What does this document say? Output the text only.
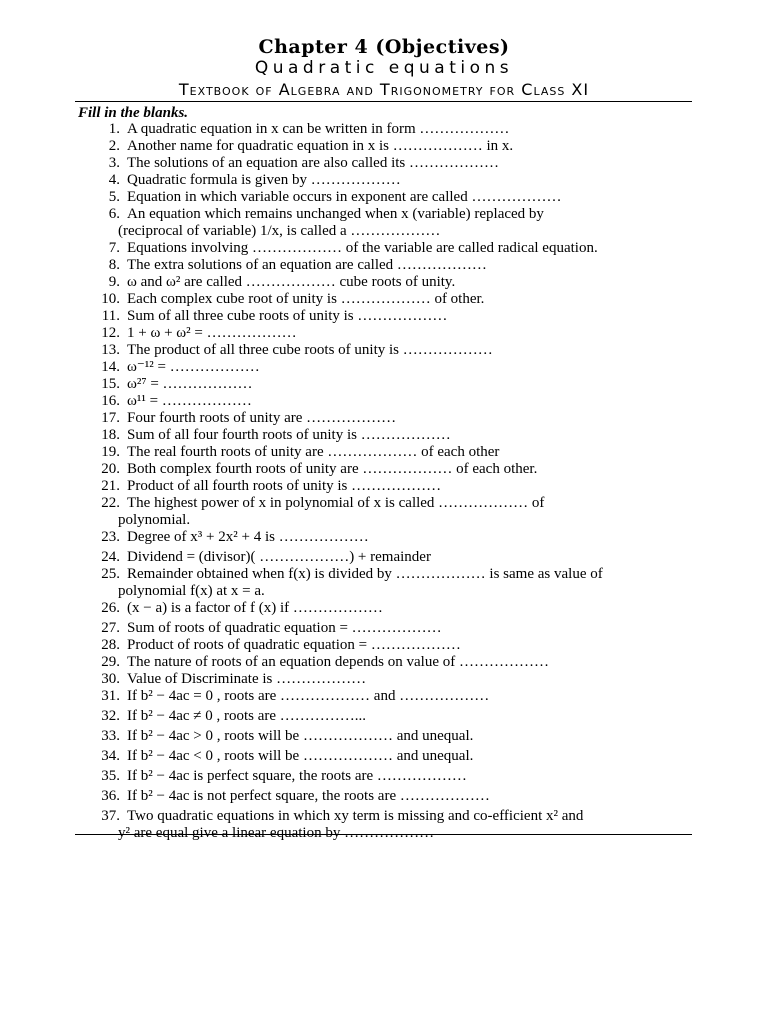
Chapter 4 (Objectives)
Quadratic equations
Textbook of Algebra and Trigonometry for Class XI
Fill in the blanks.
1. A quadratic equation in x can be written in form ………………
2. Another name for quadratic equation in x is ……………… in x.
3. The solutions of an equation are also called its ………………
4. Quadratic formula is given by ………………
5. Equation in which variable occurs in exponent are called ………………
6. An equation which remains unchanged when x (variable) replaced by
(reciprocal of variable) 1/x, is called a ………………
7. Equations involving ……………… of the variable are called radical equation.
8. The extra solutions of an equation are called ………………
9. ω and ω² are called ……………… cube roots of unity.
10. Each complex cube root of unity is ……………… of other.
11. Sum of all three cube roots of unity is ………………
12. 1 + ω + ω² = ………………
13. The product of all three cube roots of unity is ………………
14. ω⁻¹² = ………………
15. ω²⁷ = ………………
16. ω¹¹ = ………………
17. Four fourth roots of unity are ………………
18. Sum of all four fourth roots of unity is ………………
19. The real fourth roots of unity are ……………… of each other
20. Both complex fourth roots of unity are ……………… of each other.
21. Product of all fourth roots of unity is ………………
22. The highest power of x in polynomial of x is called ……………… of
polynomial.
23. Degree of x³ + 2x² + 4 is ………………
24. Dividend = (divisor)( ………………) + remainder
25. Remainder obtained when f(x) is divided by ……………… is same as value of
polynomial f(x) at x = a.
26. (x − a) is a factor of f (x) if ………………
27. Sum of roots of quadratic equation = ………………
28. Product of roots of quadratic equation = ………………
29. The nature of roots of an equation depends on value of ………………
30. Value of Discriminate is ………………
31. If b² − 4ac = 0 , roots are ……………… and ………………
32. If b² − 4ac ≠ 0 , roots are ……………...
33. If b² − 4ac > 0 , roots will be ……………… and unequal.
34. If b² − 4ac < 0 , roots will be ……………… and unequal.
35. If b² − 4ac is perfect square, the roots are ………………
36. If b² − 4ac is not perfect square, the roots are ………………
37. Two quadratic equations in which xy term is missing and co-efficient x² and
y² are equal give a linear equation by ………………
